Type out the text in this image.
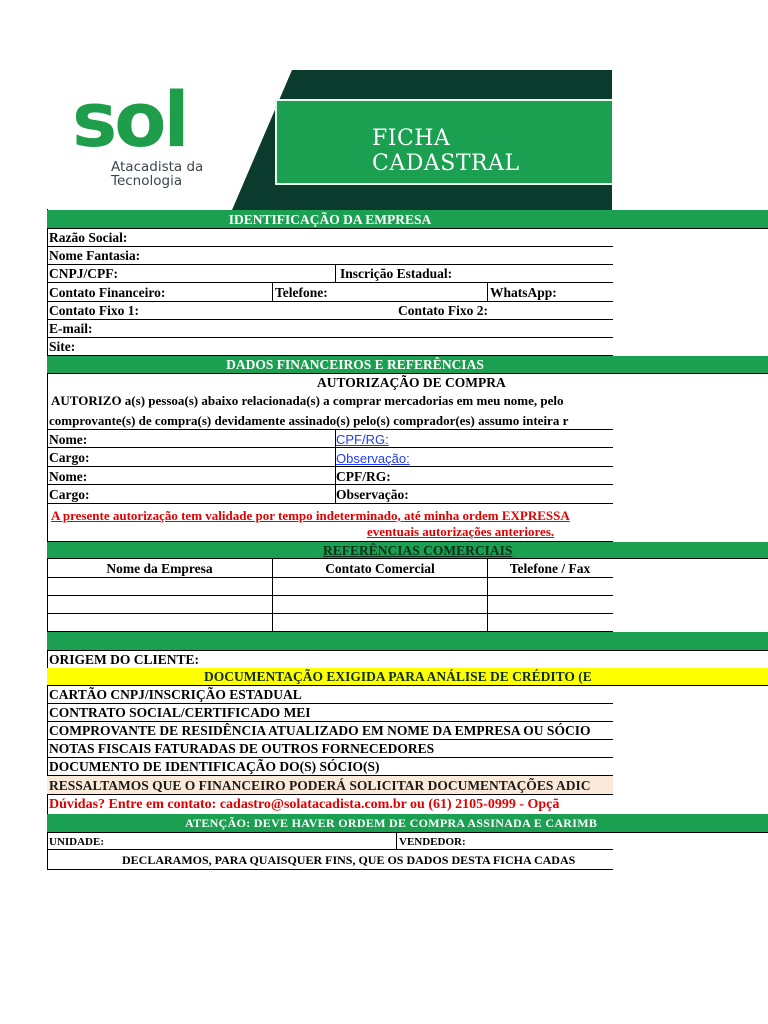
sol
Atacadista da
Tecnologia
FICHA CADASTRAL
IDENTIFICAÇÃO DA EMPRESA
Razão Social:
Nome Fantasia:
CNPJ/CPF:	Inscrição Estadual:
Contato Financeiro:	Telefone:	WhatsApp:
Contato Fixo 1:	Contato Fixo 2:
E-mail:
Site:
DADOS FINANCEIROS E REFERÊNCIAS
AUTORIZAÇÃO DE COMPRA
AUTORIZO a(s) pessoa(s) abaixo relacionada(s) a comprar mercadorias em meu nome, pelo
comprovante(s) de compra(s) devidamente assinado(s) pelo(s) comprador(es) assumo inteira r
Nome:	CPF/RG:
Cargo:	Observação:
Nome:	CPF/RG:
Cargo:	Observação:
A presente autorização tem validade por tempo indeterminado, até minha ordem EXPRESSA
eventuais autorizações anteriores.
REFERÊNCIAS COMERCIAIS
Nome da Empresa	Contato Comercial	Telefone / Fax
ORIGEM DO CLIENTE:
DOCUMENTAÇÃO EXIGIDA PARA ANÁLISE DE CRÉDITO (E
CARTÃO CNPJ/INSCRIÇÃO ESTADUAL
CONTRATO SOCIAL/CERTIFICADO MEI
COMPROVANTE DE RESIDÊNCIA ATUALIZADO EM NOME DA EMPRESA OU SÓCIO
NOTAS FISCAIS FATURADAS DE OUTROS FORNECEDORES
DOCUMENTO DE IDENTIFICAÇÃO DO(S) SÓCIO(S)
RESSALTAMOS QUE O FINANCEIRO PODERÁ SOLICITAR DOCUMENTAÇÕES ADIC
Dúvidas? Entre em contato: cadastro@solatacadista.com.br ou (61) 2105-0999 - Opçã
ATENÇÃO: DEVE HAVER ORDEM DE COMPRA ASSINADA E CARIMB
UNIDADE:	VENDEDOR:
DECLARAMOS, PARA QUAISQUER FINS, QUE OS DADOS DESTA FICHA CADAS
